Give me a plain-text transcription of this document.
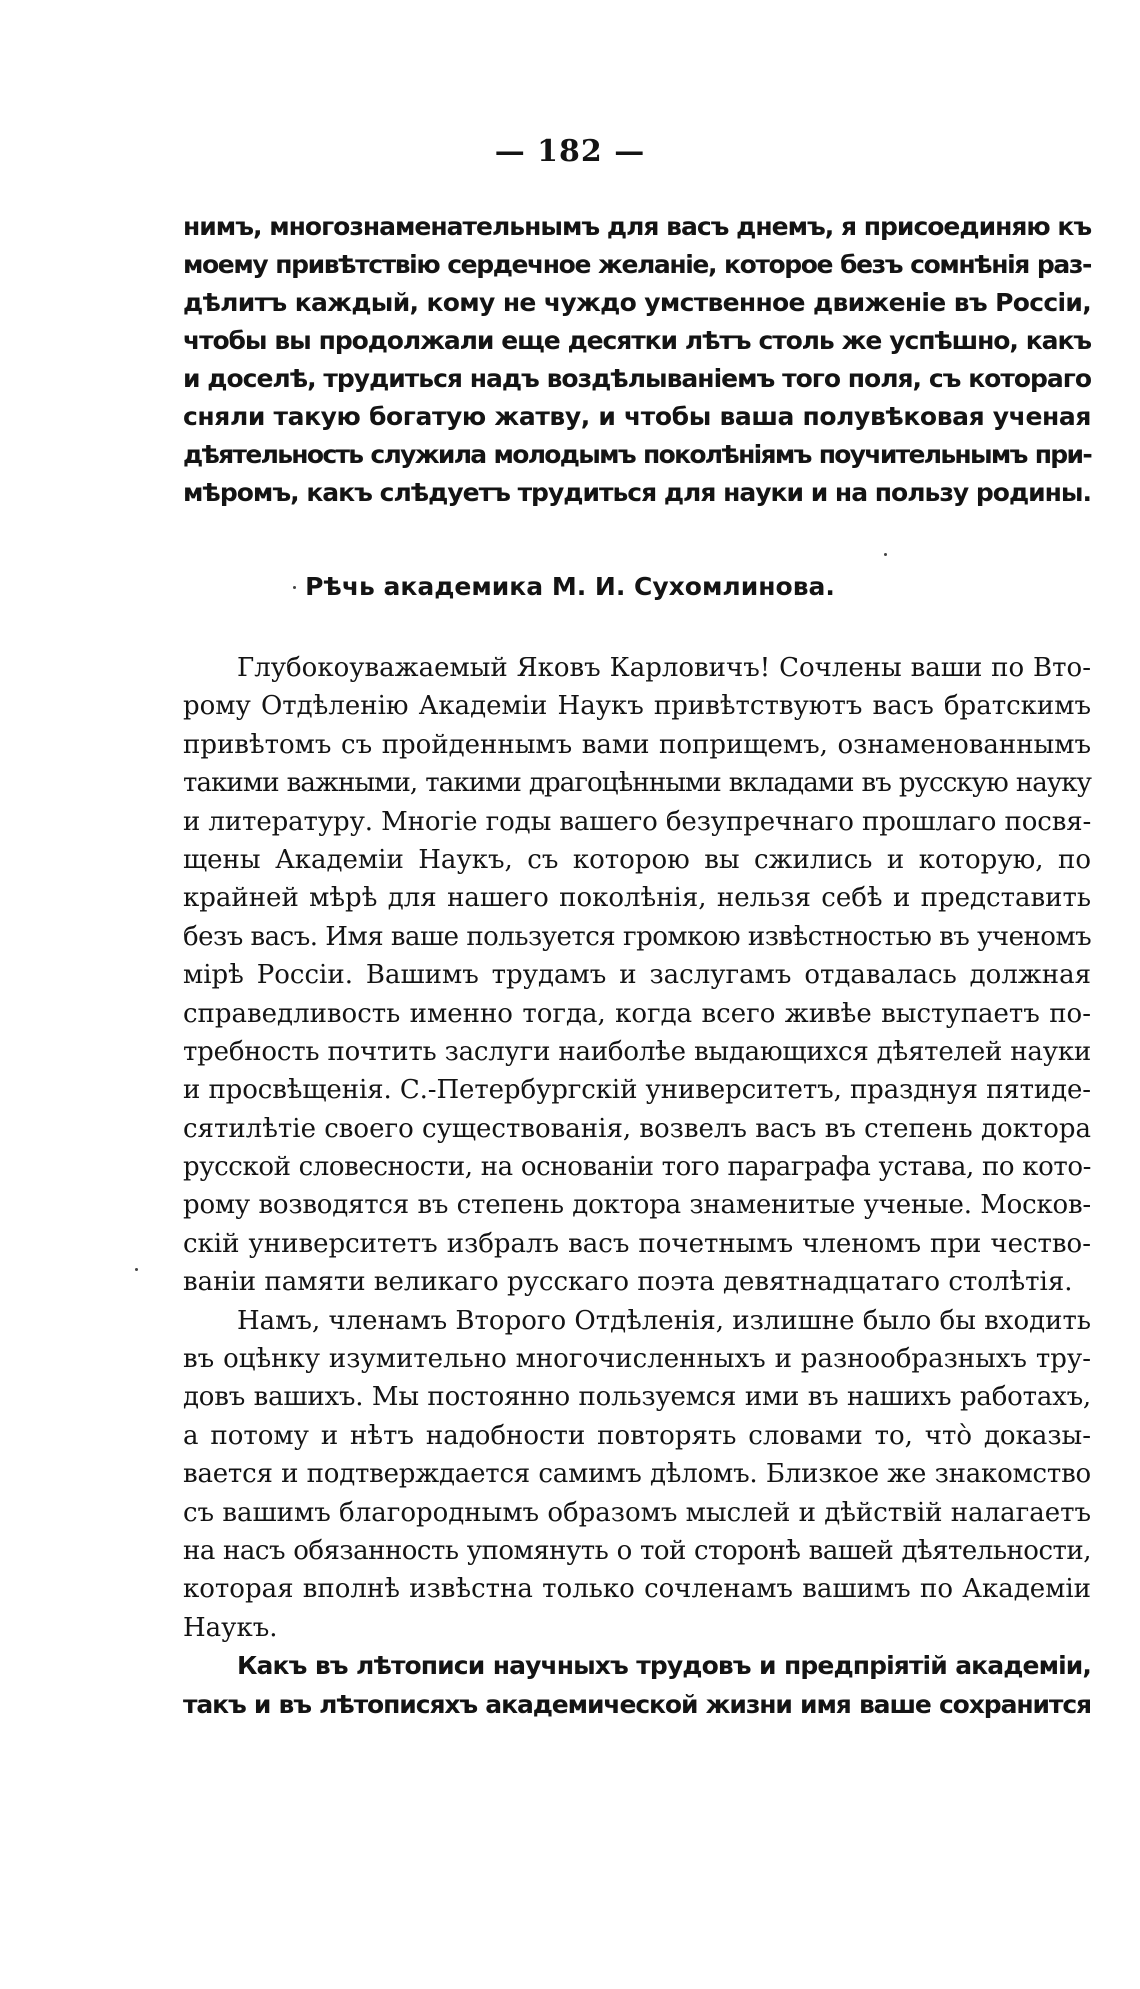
— 182 —
нимъ, многознаменательнымъ для васъ днемъ, я присоединяю къ
моему привѣтствію сердечное желаніе, которое безъ сомнѣнія раз-
дѣлитъ каждый, кому не чуждо умственное движеніе въ Россіи,
чтобы вы продолжали еще десятки лѣтъ столь же успѣшно, какъ
и доселѣ, трудиться надъ воздѣлываніемъ того поля, съ котораго
сняли такую богатую жатву, и чтобы ваша полувѣковая ученая
дѣятельность служила молодымъ поколѣніямъ поучительнымъ при-
мѣромъ, какъ слѣдуетъ трудиться для науки и на пользу родины.
Рѣчь академика М. И. Сухомлинова.
Глубокоуважаемый Яковъ Карловичъ! Сочлены ваши по Вто-
рому Отдѣленію Академіи Наукъ привѣтствуютъ васъ братскимъ
привѣтомъ съ пройденнымъ вами поприщемъ, ознаменованнымъ
такими важными, такими драгоцѣнными вкладами въ русскую науку
и литературу. Многіе годы вашего безупречнаго прошлаго посвя-
щены Академіи Наукъ, съ которою вы сжились и которую, по
крайней мѣрѣ для нашего поколѣнія, нельзя себѣ и представить
безъ васъ. Имя ваше пользуется громкою извѣстностью въ ученомъ
мірѣ Россіи. Вашимъ трудамъ и заслугамъ отдавалась должная
справедливость именно тогда, когда всего живѣе выступаетъ по-
требность почтить заслуги наиболѣе выдающихся дѣятелей науки
и просвѣщенія. С.-Петербургскій университетъ, празднуя пятиде-
сятилѣтіе своего существованія, возвелъ васъ въ степень доктора
русской словесности, на основаніи того параграфа устава, по кото-
рому возводятся въ степень доктора знаменитые ученые. Москов-
скій университетъ избралъ васъ почетнымъ членомъ при чествo-
ваніи памяти великаго русскаго поэта девятнадцатаго столѣтія.
Намъ, членамъ Второго Отдѣленія, излишне было бы входить
въ оцѣнку изумительно многочисленныхъ и разнообразныхъ тру-
довъ вашихъ. Мы постоянно пользуемся ими въ нашихъ работахъ,
а потому и нѣтъ надобности повторять словами то, что̀ доказы-
вается и подтверждается самимъ дѣломъ. Близкое же знакомство
съ вашимъ благороднымъ образомъ мыслей и дѣйствій налагаетъ
на насъ обязанность упомянуть о той сторонѣ вашей дѣятельности,
которая вполнѣ извѣстна только сочленамъ вашимъ по Академіи
Наукъ.
Какъ въ лѣтописи научныхъ трудовъ и предпріятій академіи,
такъ и въ лѣтописяхъ академической жизни имя ваше сохранится
